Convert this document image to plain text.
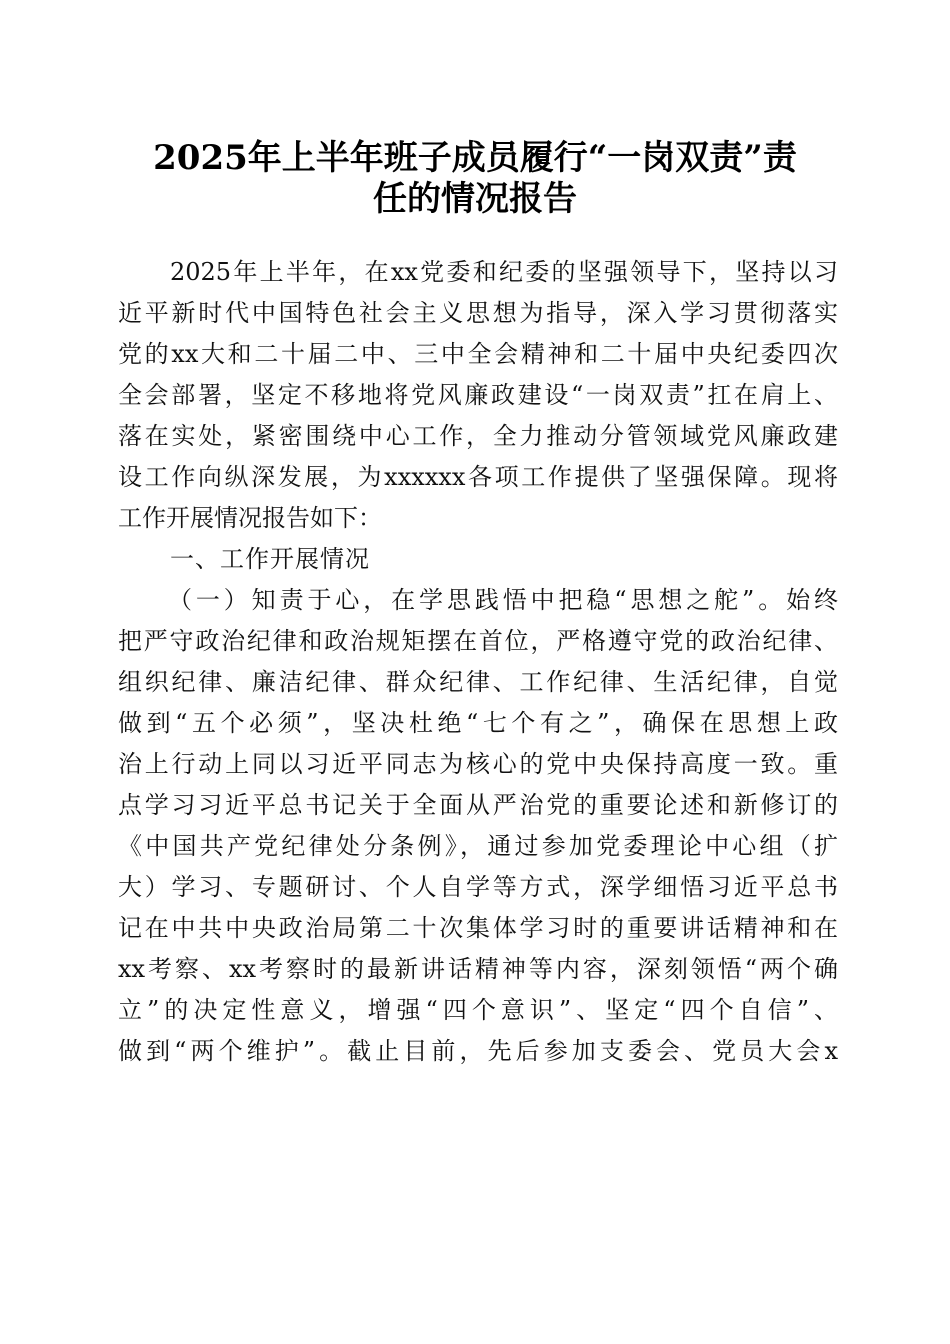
2025年上半年班子成员履行“一岗双责”责
任的情况报告
2025年上半年，在xx党委和纪委的坚强领导下，坚持以习
近平新时代中国特色社会主义思想为指导，深入学习贯彻落实
党的xx大和二十届二中、三中全会精神和二十届中央纪委四次
全会部署，坚定不移地将党风廉政建设“一岗双责”扛在肩上、
落在实处，紧密围绕中心工作，全力推动分管领域党风廉政建
设工作向纵深发展，为xxxxxx各项工作提供了坚强保障。现将
工作开展情况报告如下：
一、工作开展情况
（一）知责于心，在学思践悟中把稳“思想之舵”。始终
把严守政治纪律和政治规矩摆在首位，严格遵守党的政治纪律、
组织纪律、廉洁纪律、群众纪律、工作纪律、生活纪律，自觉
做到“五个必须”，坚决杜绝“七个有之”，确保在思想上政
治上行动上同以习近平同志为核心的党中央保持高度一致。重
点学习习近平总书记关于全面从严治党的重要论述和新修订的
《中国共产党纪律处分条例》，通过参加党委理论中心组（扩
大）学习、专题研讨、个人自学等方式，深学细悟习近平总书
记在中共中央政治局第二十次集体学习时的重要讲话精神和在
xx考察、xx考察时的最新讲话精神等内容，深刻领悟“两个确
立”的决定性意义，增强“四个意识”、坚定“四个自信”、
做到“两个维护”。截止目前，先后参加支委会、党员大会x
